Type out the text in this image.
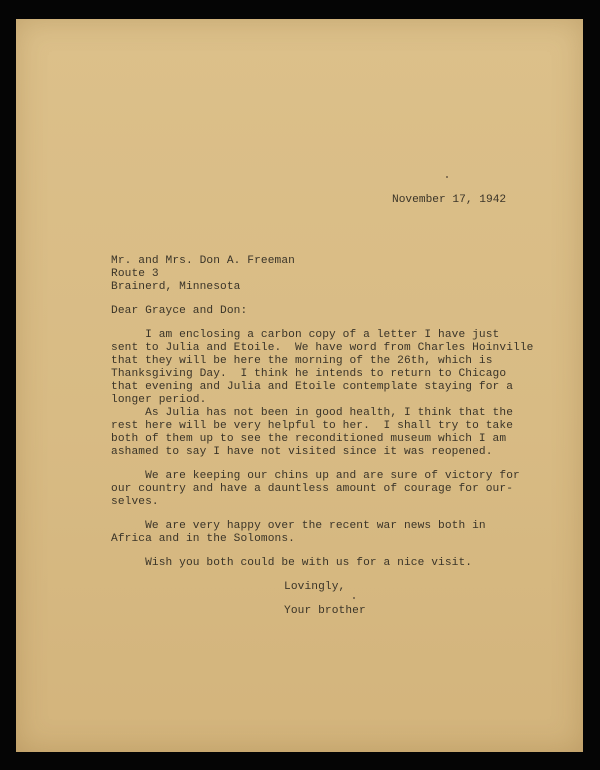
November 17, 1942
Mr. and Mrs. Don A. Freeman
Route 3
Brainerd, Minnesota
Dear Grayce and Don:
I am enclosing a carbon copy of a letter I have just
sent to Julia and Etoile.  We have word from Charles Hoinville
that they will be here the morning of the 26th, which is
Thanksgiving Day.  I think he intends to return to Chicago
that evening and Julia and Etoile contemplate staying for a
longer period.
As Julia has not been in good health, I think that the
rest here will be very helpful to her.  I shall try to take
both of them up to see the reconditioned museum which I am
ashamed to say I have not visited since it was reopened.
We are keeping our chins up and are sure of victory for
our country and have a dauntless amount of courage for our-
selves.
We are very happy over the recent war news both in
Africa and in the Solomons.
Wish you both could be with us for a nice visit.
Lovingly,
Your brother
